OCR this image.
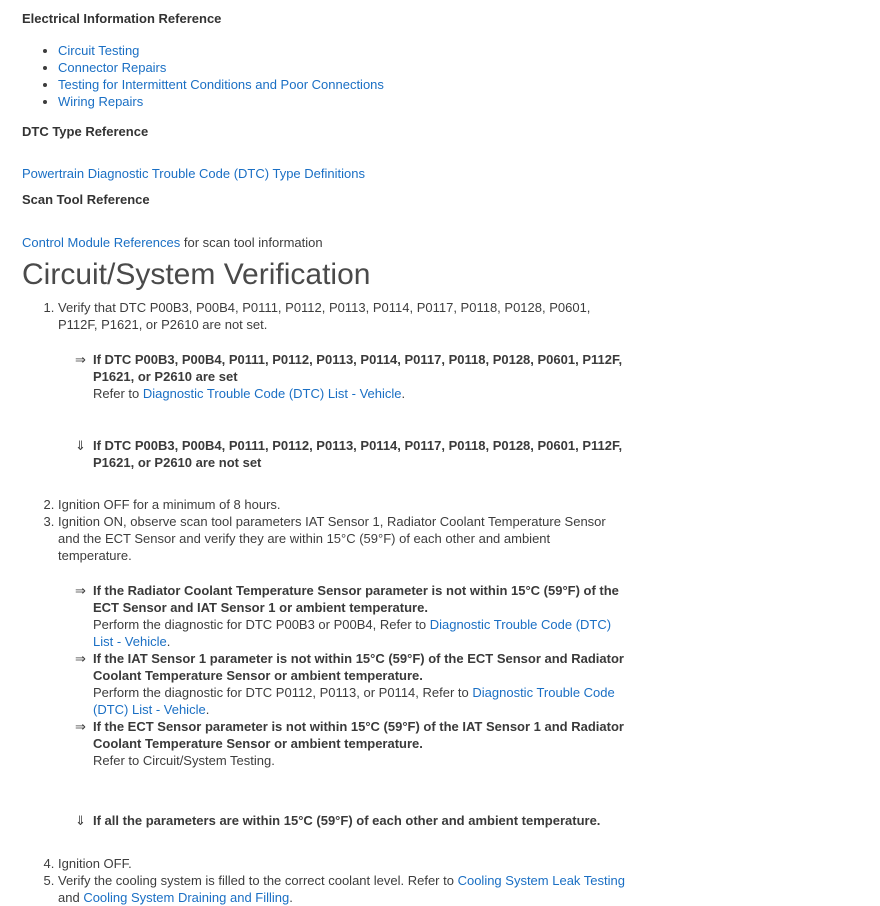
Electrical Information Reference
• Circuit Testing
• Connector Repairs
• Testing for Intermittent Conditions and Poor Connections
• Wiring Repairs
DTC Type Reference

Powertrain Diagnostic Trouble Code (DTC) Type Definitions

Scan Tool Reference

Control Module References for scan tool information

Circuit/System Verification
1. Verify that DTC P00B3, P00B4, P0111, P0112, P0113, P0114, P0117, P0118, P0128, P0601, P112F, P1621, or P2610 are not set.
⇒ If DTC P00B3, P00B4, P0111, P0112, P0113, P0114, P0117, P0118, P0128, P0601, P112F, P1621, or P2610 are set
Refer to Diagnostic Trouble Code (DTC) List - Vehicle.
⇓ If DTC P00B3, P00B4, P0111, P0112, P0113, P0114, P0117, P0118, P0128, P0601, P112F, P1621, or P2610 are not set
2. Ignition OFF for a minimum of 8 hours.
3. Ignition ON, observe scan tool parameters IAT Sensor 1, Radiator Coolant Temperature Sensor and the ECT Sensor and verify they are within 15°C (59°F) of each other and ambient temperature.
⇒ If the Radiator Coolant Temperature Sensor parameter is not within 15°C (59°F) of the ECT Sensor and IAT Sensor 1 or ambient temperature.
Perform the diagnostic for DTC P00B3 or P00B4, Refer to Diagnostic Trouble Code (DTC) List - Vehicle.
⇒ If the IAT Sensor 1 parameter is not within 15°C (59°F) of the ECT Sensor and Radiator Coolant Temperature Sensor or ambient temperature.
Perform the diagnostic for DTC P0112, P0113, or P0114, Refer to Diagnostic Trouble Code (DTC) List - Vehicle.
⇒ If the ECT Sensor parameter is not within 15°C (59°F) of the IAT Sensor 1 and Radiator Coolant Temperature Sensor or ambient temperature.
Refer to Circuit/System Testing.
⇓ If all the parameters are within 15°C (59°F) of each other and ambient temperature.
4. Ignition OFF.
5. Verify the cooling system is filled to the correct coolant level. Refer to Cooling System Leak Testing and Cooling System Draining and Filling.
